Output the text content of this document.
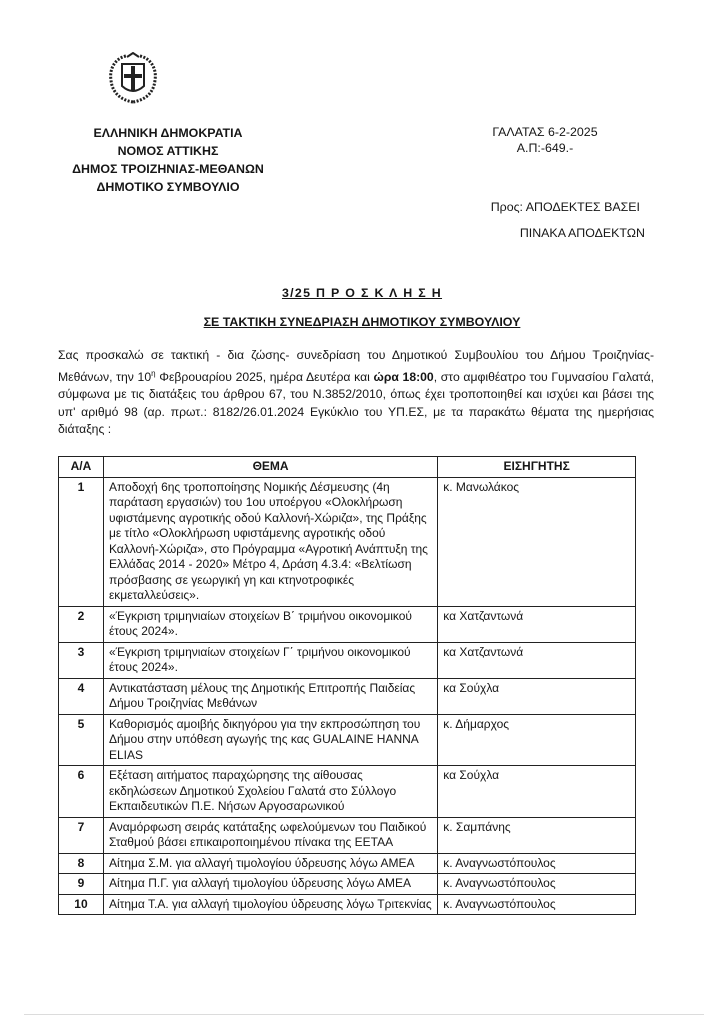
ΕΛΛΗΝΙΚΗ ΔΗΜΟΚΡΑΤΙΑ
ΝΟΜΟΣ ΑΤΤΙΚΗΣ
ΔΗΜΟΣ ΤΡΟΙΖΗΝΙΑΣ-ΜΕΘΑΝΩΝ
ΔΗΜΟΤΙΚΟ ΣΥΜΒΟΥΛΙΟ
ΓΑΛΑΤΑΣ 6-2-2025
Α.Π:-649.-
Προς: ΑΠΟΔΕΚΤΕΣ ΒΑΣΕΙ
ΠΙΝΑΚΑ ΑΠΟΔΕΚΤΩΝ
3/25 Π Ρ Ο Σ Κ Λ Η Σ Η
ΣΕ ΤΑΚΤΙΚΗ ΣΥΝΕΔΡΙΑΣΗ ΔΗΜΟΤΙΚΟΥ ΣΥΜΒΟΥΛΙΟΥ

Σας προσκαλώ σε τακτική - δια ζώσης- συνεδρίαση του Δημοτικού Συμβουλίου του Δήμου Τροιζηνίας-Μεθάνων, την $10^\eta$ Φεβρουαρίου 2025, ημέρα Δευτέρα και ώρα 18:00, στο αμφιθέατρο του Γυμνασίου Γαλατά, σύμφωνα με τις διατάξεις του άρθρου 67, του Ν.3852/2010, όπως έχει τροποποιηθεί και ισχύει και βάσει της υπ' αριθμό 98 (αρ. πρωτ.: 8182/26.01.2024 Εγκύκλιο του ΥΠ.ΕΣ, με τα παρακάτω θέματα της ημερήσιας διάταξης :

Α/Α	ΘΕΜΑ	ΕΙΣΗΓΗΤΗΣ
1	Αποδοχή 6ης τροποποίησης Νομικής Δέσμευσης (4η παράταση εργασιών) του 1ου υποέργου «Ολοκλήρωση υφιστάμενης αγροτικής οδού Καλλονή-Χώριζα», της Πράξης με τίτλο «Ολοκλήρωση υφιστάμενης αγροτικής οδού Καλλονή-Χώριζα», στο Πρόγραμμα «Αγροτική Ανάπτυξη της Ελλάδας 2014 - 2020» Μέτρο 4, Δράση 4.3.4: «Βελτίωση πρόσβασης σε γεωργική γη και κτηνοτροφικές εκμεταλλεύσεις».	κ. Μανωλάκος
2	«Έγκριση τριμηνιαίων στοιχείων Β΄ τριμήνου οικονομικού έτους 2024».	κα Χατζαντωνά
3	«Έγκριση τριμηνιαίων στοιχείων Γ΄ τριμήνου οικονομικού έτους 2024».	κα Χατζαντωνά
4	Αντικατάσταση μέλους της Δημοτικής Επιτροπής Παιδείας Δήμου Τροιζηνίας Μεθάνων	κα Σούχλα
5	Καθορισμός αμοιβής δικηγόρου για την εκπροσώπηση του Δήμου στην υπόθεση αγωγής της κας GUALAINE HANNA ELIAS	κ. Δήμαρχος
6	Εξέταση αιτήματος παραχώρησης της αίθουσας εκδηλώσεων Δημοτικού Σχολείου Γαλατά στο Σύλλογο Εκπαιδευτικών Π.Ε. Νήσων Αργοσαρωνικού	κα Σούχλα
7	Αναμόρφωση σειράς κατάταξης ωφελούμενων του Παιδικού Σταθμού βάσει επικαιροποιημένου πίνακα της ΕΕΤΑΑ	κ. Σαμπάνης
8	Αίτημα Σ.Μ. για αλλαγή τιμολογίου ύδρευσης λόγω ΑΜΕΑ	κ. Αναγνωστόπουλος
9	Αίτημα Π.Γ. για αλλαγή τιμολογίου ύδρευσης λόγω ΑΜΕΑ	κ. Αναγνωστόπουλος
10	Αίτημα Τ.Α. για αλλαγή τιμολογίου ύδρευσης λόγω Τριτεκνίας	κ. Αναγνωστόπουλος
